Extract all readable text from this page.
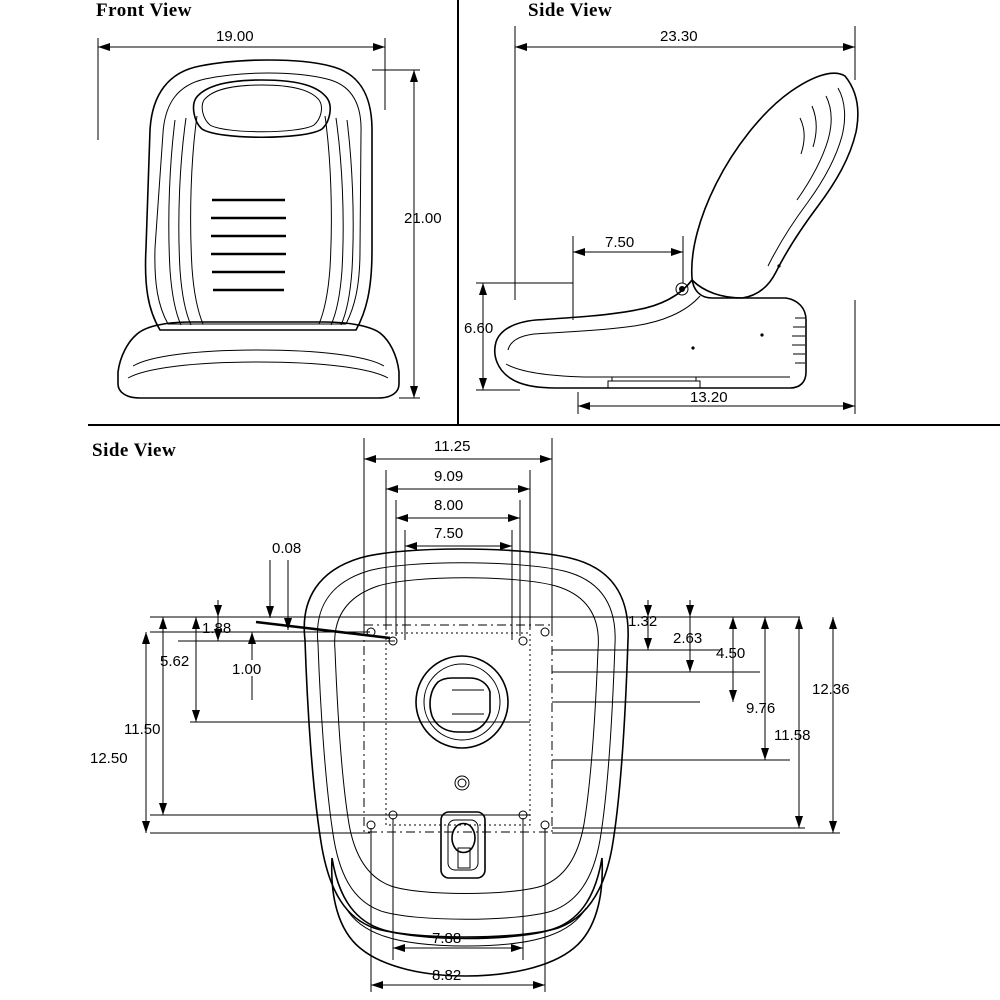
Front View	Side View
Side View
19.00
21.00
23.30
7.50
6.60
13.20
11.25
9.09
8.00
7.50
0.08
1.88
5.62	1.00
11.50
12.50
1.32
2.63
4.50
9.76
11.58
12.36
7.88
8.82
